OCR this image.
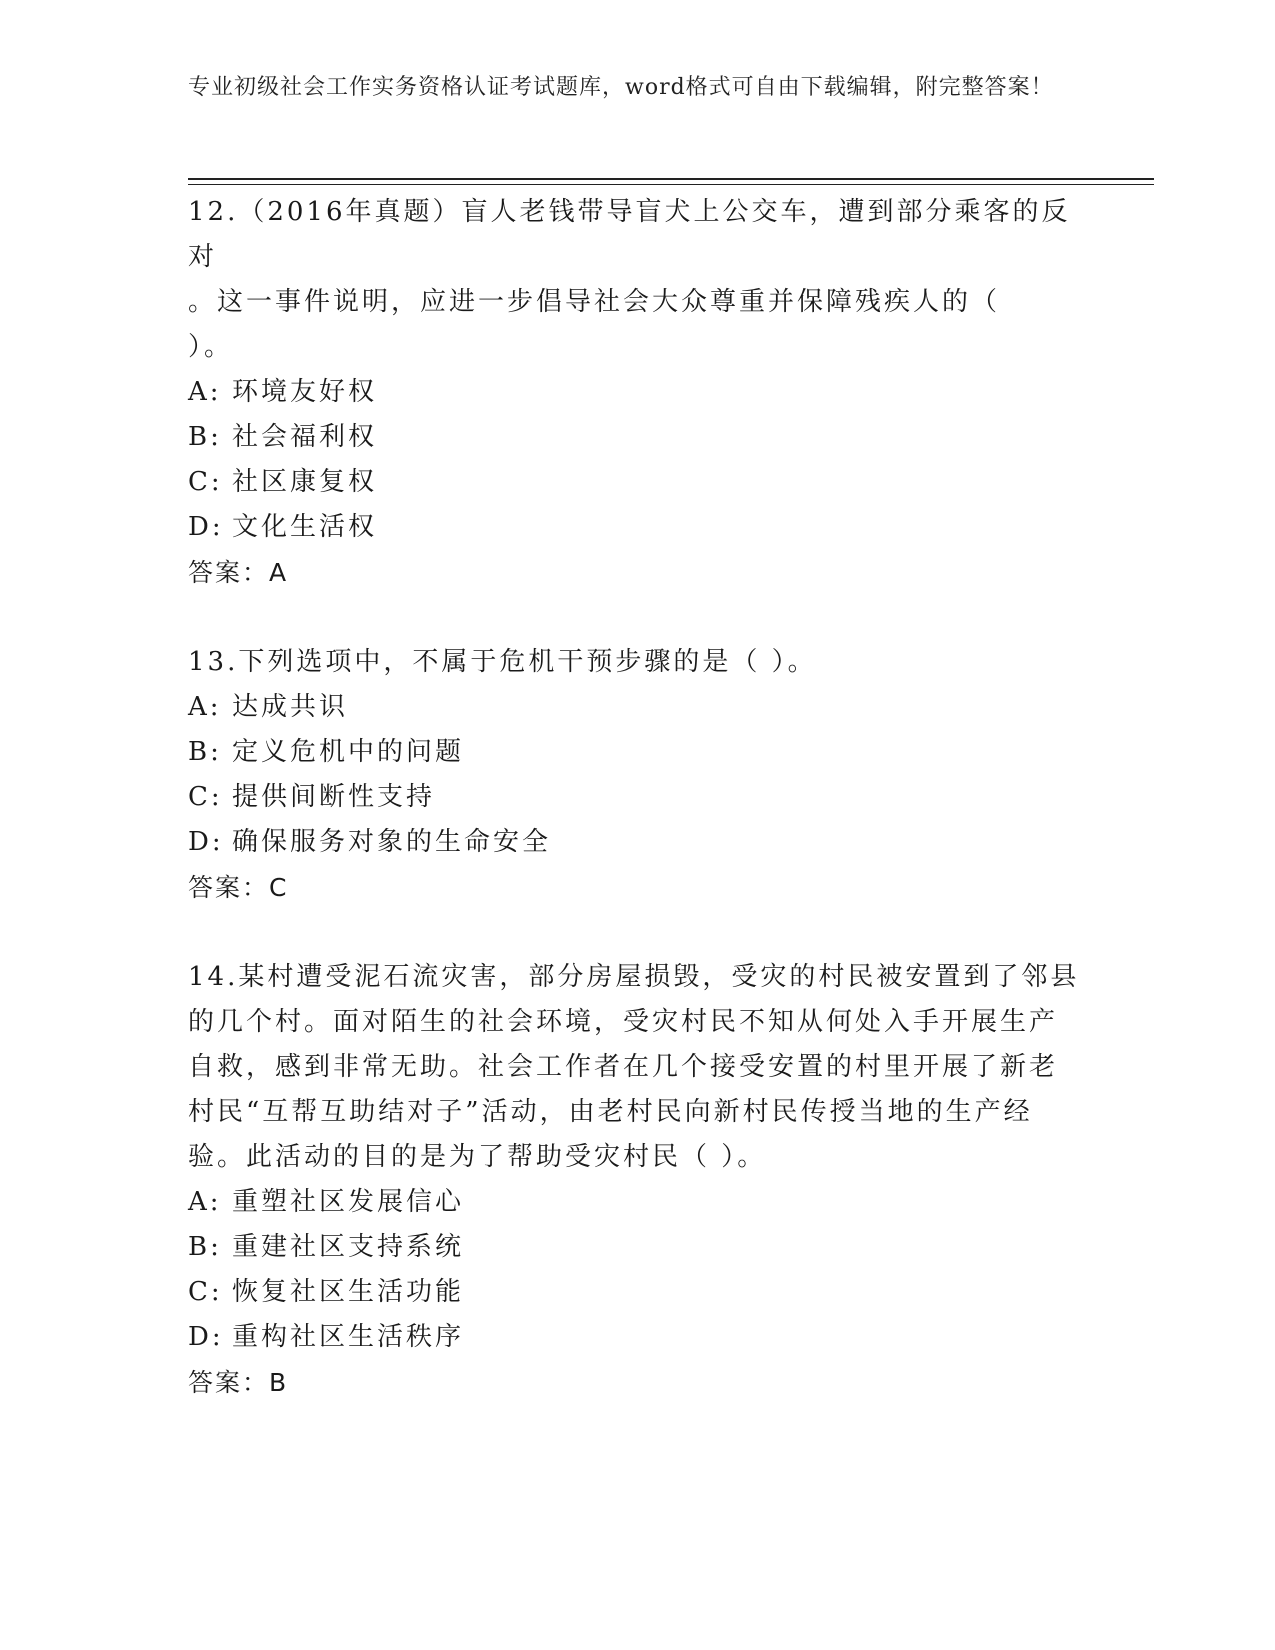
专业初级社会工作实务资格认证考试题库，word格式可自由下载编辑，附完整答案！

12.（2016年真题）盲人老钱带导盲犬上公交车，遭到部分乘客的反对

。这一事件说明，应进一步倡导社会大众尊重并保障残疾人的（

）。

A: 环境友好权

B: 社会福利权

C: 社区康复权

D: 文化生活权

答案：A

13.下列选项中，不属于危机干预步骤的是（ ）。

A: 达成共识

B: 定义危机中的问题

C: 提供间断性支持

D: 确保服务对象的生命安全

答案：C

14.某村遭受泥石流灾害，部分房屋损毁，受灾的村民被安置到了邻县

的几个村。面对陌生的社会环境，受灾村民不知从何处入手开展生产

自救，感到非常无助。社会工作者在几个接受安置的村里开展了新老

村民“互帮互助结对子”活动，由老村民向新村民传授当地的生产经

验。此活动的目的是为了帮助受灾村民（ ）。

A: 重塑社区发展信心

B: 重建社区支持系统

C: 恢复社区生活功能

D: 重构社区生活秩序

答案：B
